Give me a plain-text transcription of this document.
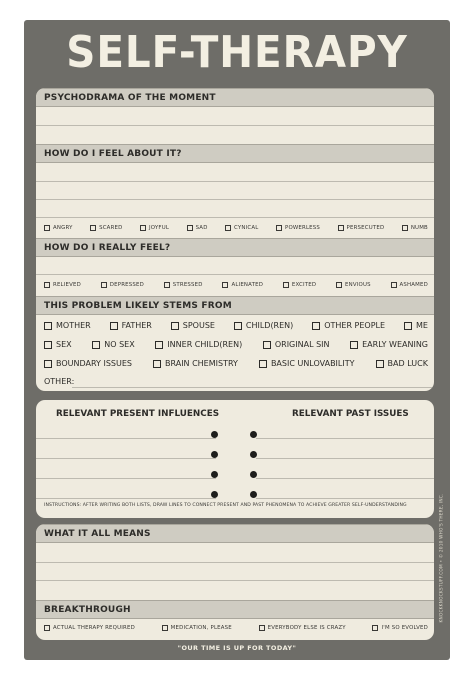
SELF-THERAPY
PSYCHODRAMA OF THE MOMENT
HOW DO I FEEL ABOUT IT?
ANGRY	SCARED	JOYFUL	SAD	CYNICAL	POWERLESS	PERSECUTED	NUMB
HOW DO I REALLY FEEL?
RELIEVED	DEPRESSED	STRESSED	ALIENATED	EXCITED	ENVIOUS	ASHAMED
THIS PROBLEM LIKELY STEMS FROM
MOTHER	FATHER	SPOUSE	CHILD(REN)	OTHER PEOPLE	ME
SEX	NO SEX	INNER CHILD(REN)	ORIGINAL SIN	EARLY WEANING
BOUNDARY ISSUES	BRAIN CHEMISTRY	BASIC UNLOVABILITY	BAD LUCK
OTHER:
RELEVANT PRESENT INFLUENCES	RELEVANT PAST ISSUES
INSTRUCTIONS: AFTER WRITING BOTH LISTS, DRAW LINES TO CONNECT PRESENT AND PAST PHENOMENA TO ACHIEVE GREATER SELF-UNDERSTANDING
WHAT IT ALL MEANS
BREAKTHROUGH
ACTUAL THERAPY REQUIRED	MEDICATION, PLEASE	EVERYBODY ELSE IS CRAZY	I'M SO EVOLVED
KNOCKKNOCKSTUFF.COM • © 2010 WHO'S THERE, INC.
"OUR TIME IS UP FOR TODAY"
